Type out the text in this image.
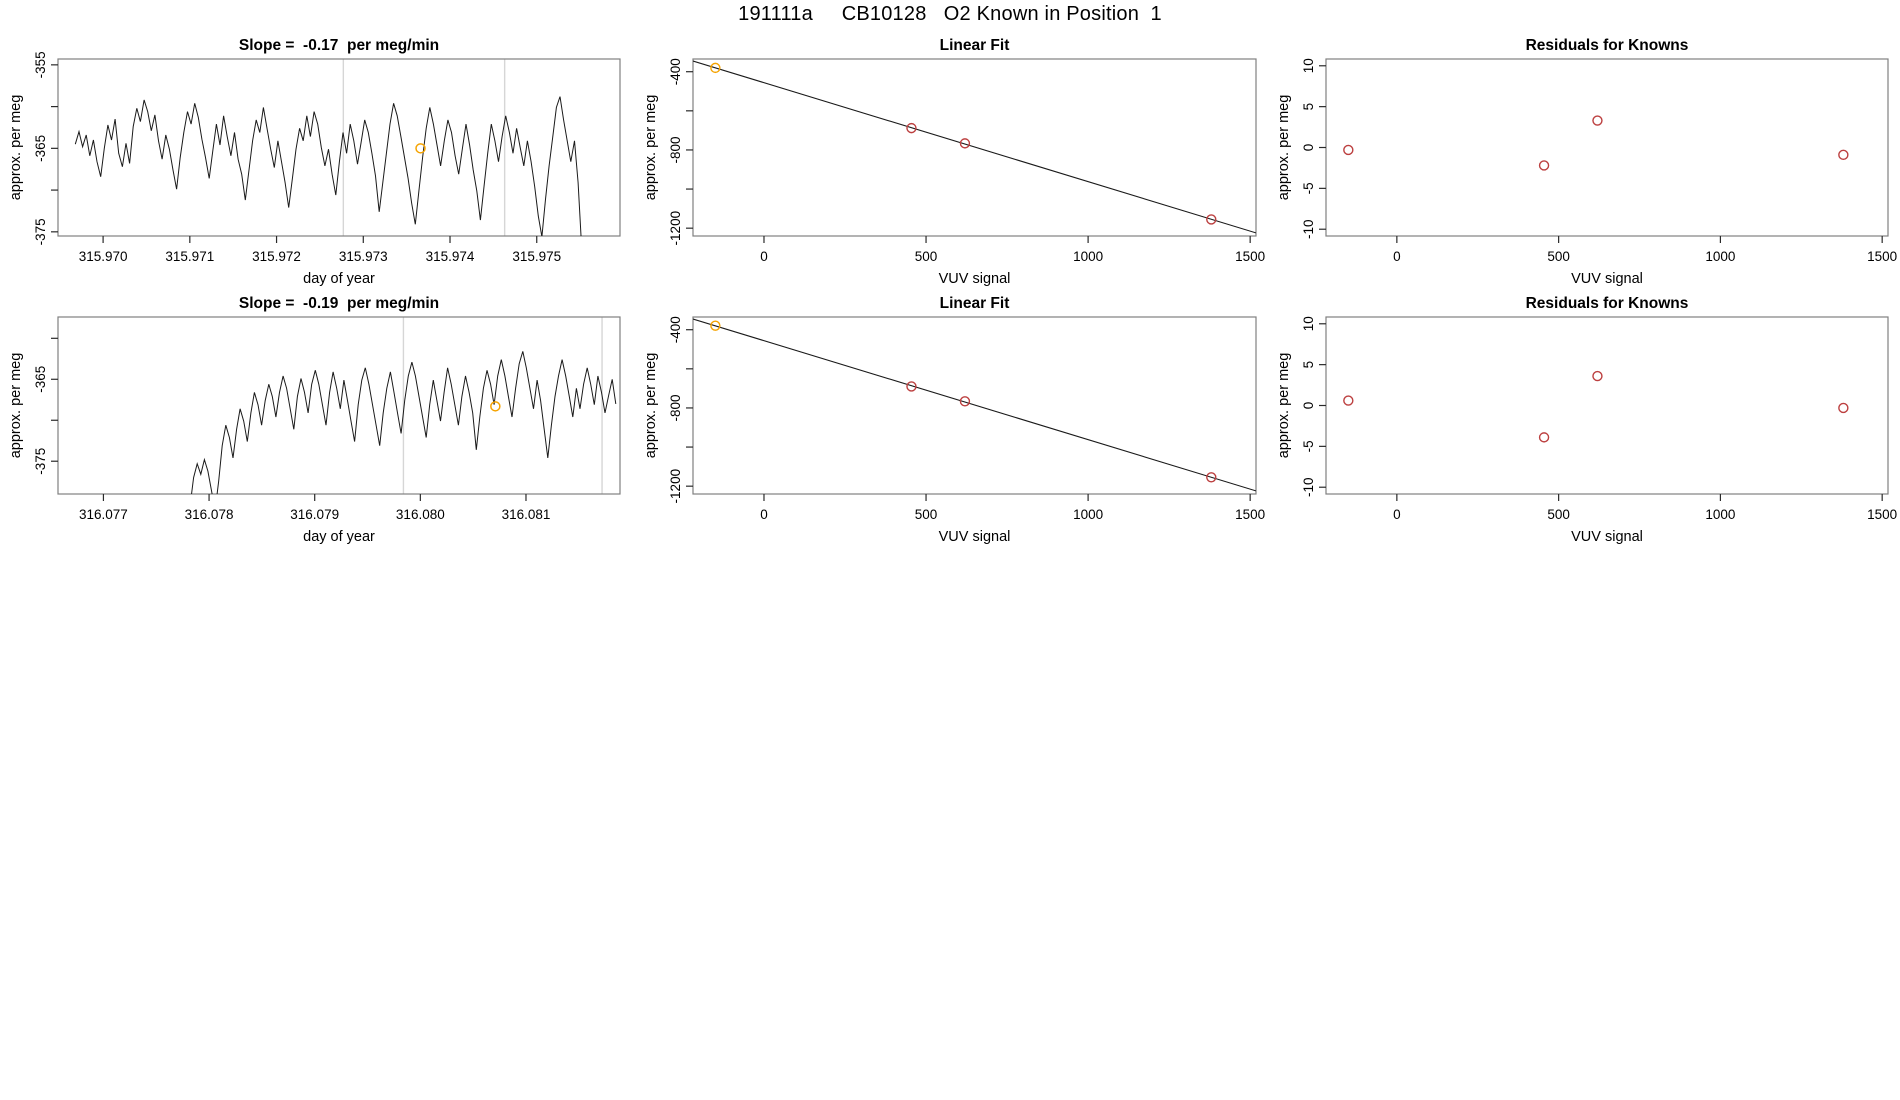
191111a     CB10128   O2 Known in Position  1
315.970	315.971	315.972	315.973	315.974	315.975
-375
-365
-355
Slope =  -0.17  per meg/min
day of year
approx. per meg
0	500	1000	1500
-1200
-800
-400
Linear Fit
VUV signal
approx. per meg
0	500	1000	1500
-10
-5
0
5
10
Residuals for Knowns
VUV signal
approx. per meg
316.077	316.078	316.079	316.080	316.081
-375
-365
Slope =  -0.19  per meg/min
day of year
approx. per meg
0	500	1000	1500
-1200
-800
-400
Linear Fit
VUV signal
approx. per meg
0	500	1000	1500
-10
-5
0
5
10
Residuals for Knowns
VUV signal
approx. per meg
